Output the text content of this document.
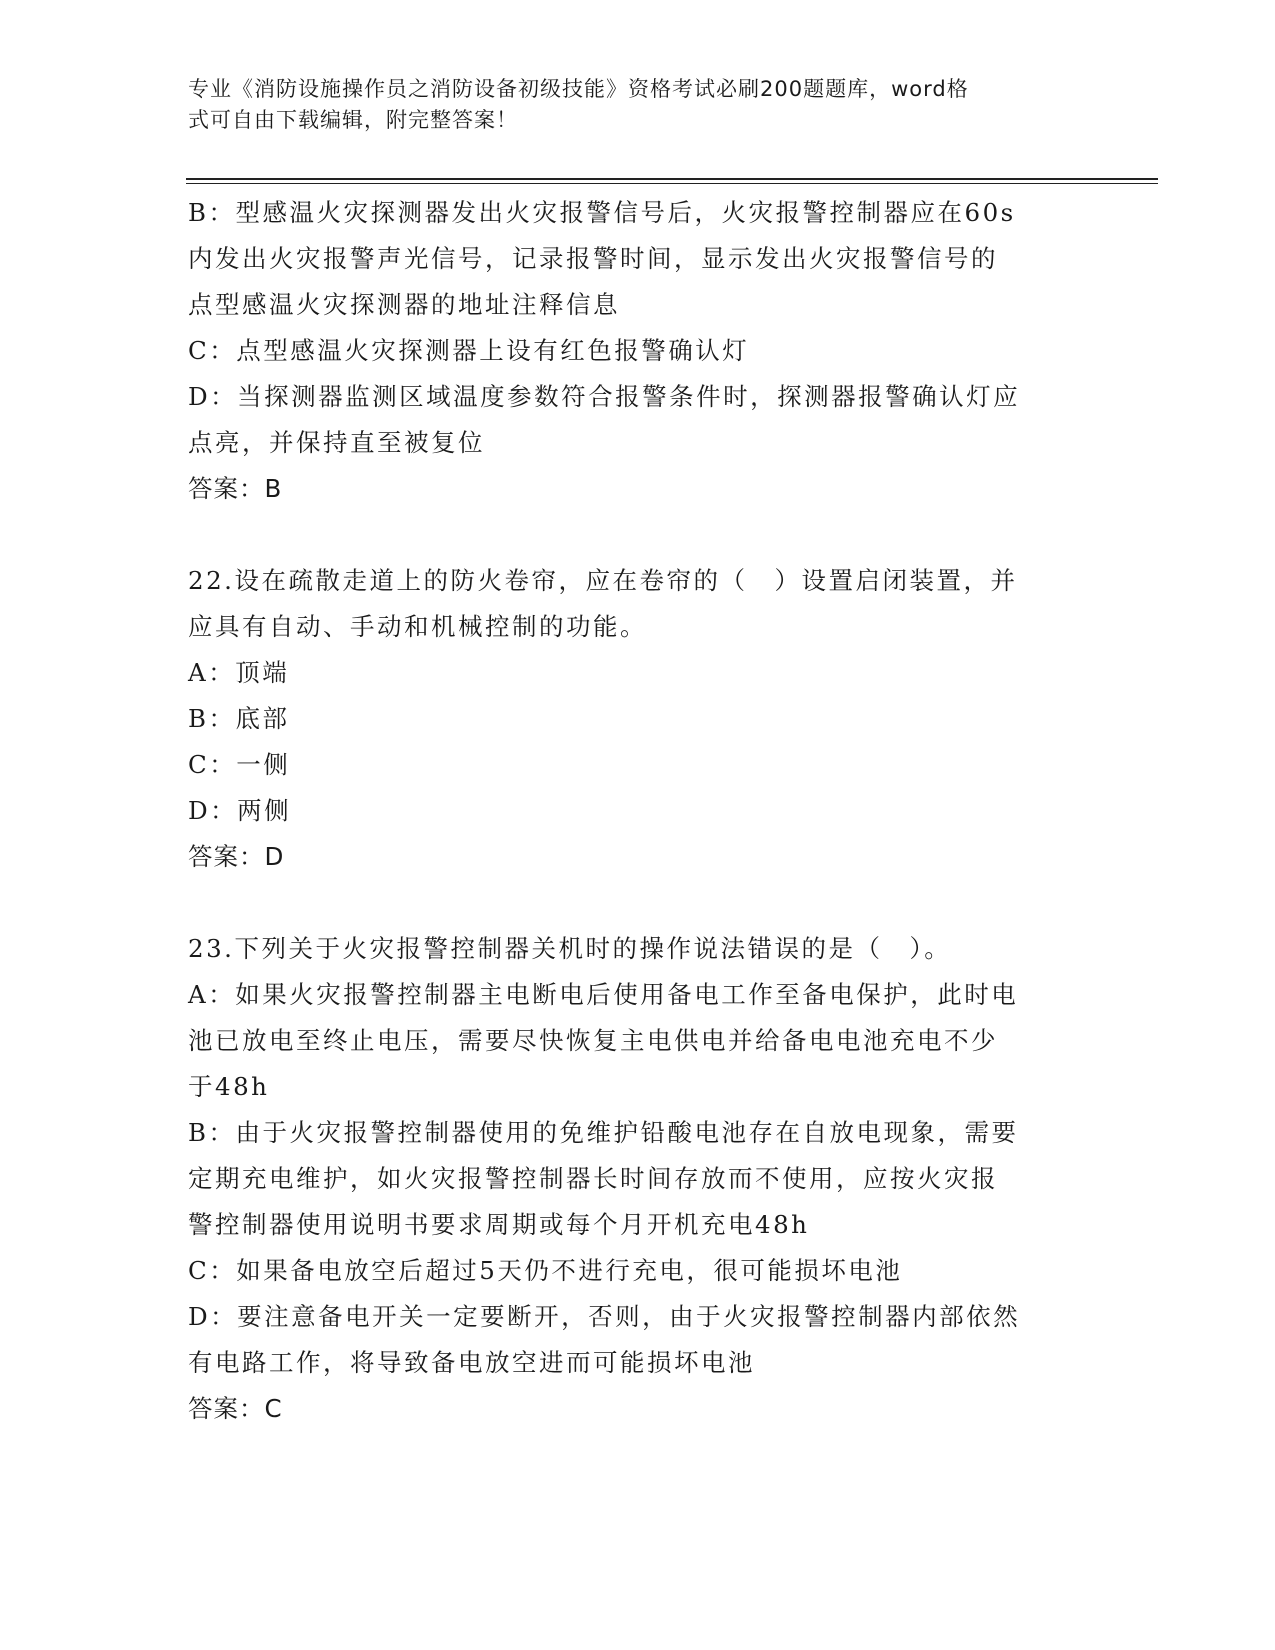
专业《消防设施操作员之消防设备初级技能》资格考试必刷200题题库，word格
式可自由下载编辑，附完整答案！
B：型感温火灾探测器发出火灾报警信号后，火灾报警控制器应在60s
内发出火灾报警声光信号，记录报警时间，显示发出火灾报警信号的
点型感温火灾探测器的地址注释信息
C：点型感温火灾探测器上设有红色报警确认灯
D：当探测器监测区域温度参数符合报警条件时，探测器报警确认灯应
点亮，并保持直至被复位
答案：B
22.设在疏散走道上的防火卷帘，应在卷帘的（　）设置启闭装置，并
应具有自动、手动和机械控制的功能。
A：顶端
B：底部
C：一侧
D：两侧
答案：D
23.下列关于火灾报警控制器关机时的操作说法错误的是（　）。
A：如果火灾报警控制器主电断电后使用备电工作至备电保护，此时电
池已放电至终止电压，需要尽快恢复主电供电并给备电电池充电不少
于48h
B：由于火灾报警控制器使用的免维护铅酸电池存在自放电现象，需要
定期充电维护，如火灾报警控制器长时间存放而不使用，应按火灾报
警控制器使用说明书要求周期或每个月开机充电48h
C：如果备电放空后超过5天仍不进行充电，很可能损坏电池
D：要注意备电开关一定要断开，否则，由于火灾报警控制器内部依然
有电路工作，将导致备电放空进而可能损坏电池
答案：C
